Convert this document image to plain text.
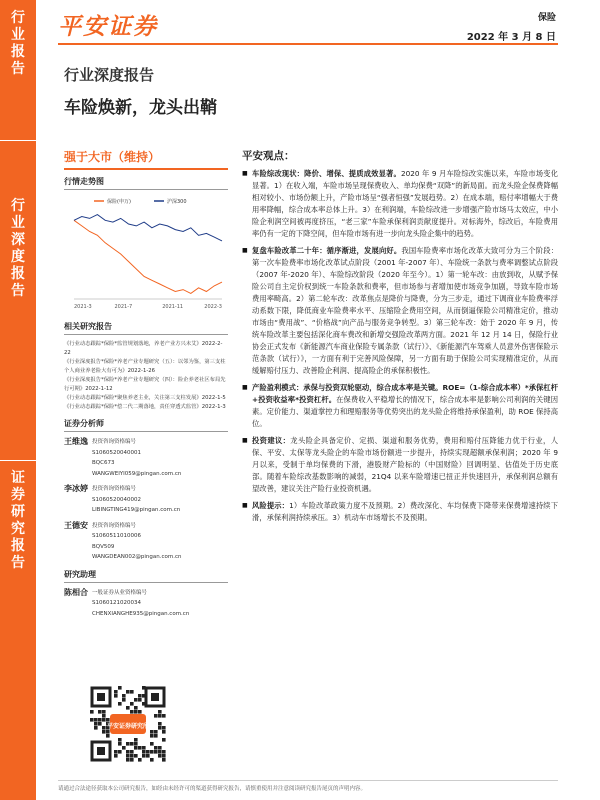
行业报告
行业深度报告
证券研究报告
平安证券	保险
2022 年 3 月 8 日
行业深度报告
车险焕新，龙头出鞘
强于大市（维持）
行情走势图
保险(申万)	沪深300
2021-3	2021-7	2021-11	2022-3
相关研究报告
《行业动态跟踪*保险*监管规划落地，养老产业方兴未艾》2022-2-22
《行业深度报告*保险*养老产业专题研究（五）：以邻为鉴，第三支柱个人商业养老险大有可为》2022-1-26
《行业深度报告*保险*养老产业专题研究（四）：险企养老社区布局先行可期》2022-1-12
《行业动态跟踪*保险*聚焦养老主业，关注第三支柱发展》2022-1-5
《行业动态跟踪*保险*偿二代二期落地，责任穿透式监管》2022-1-3
证券分析师
王维逸 投资咨询资格编号
S1060520040001
BQC673
WANGWEIYI059@pingan.com.cn
李冰婷 投资咨询资格编号
S1060520040002
LIBINGTING419@pingan.com.cn
王德安 投资咨询资格编号
S1060511010006
BQV509
WANGDEAN002@pingan.com.cn
研究助理
陈相合 一般证券从业资格编号
S1060121020034
CHENXIANGHE935@pingan.com.cn
平安证券研究所
平安观点：
■ 车险综改现状：降价、增保、提质成效显著。2020 年 9 月车险综改实施以来，车险市场变化显著。1）在收入端，车险市场呈现保费收入、单均保费“双降”的新局面。而龙头险企保费降幅相对较小、市场份额上升，产险市场呈“强者恒强”发展趋势。2）在成本端，赔付率增幅大于费用率降幅，综合成本率总体上升。3）在利润端，车险综改进一步增强产险市场马太效应，中小险企利润空间被再度挤压，“老三家”车险承保利润贡献度提升。对标海外，综改后，车险费用率仍有一定的下降空间，但车险市场有进一步向龙头险企集中的趋势。
■ 复盘车险改革二十年：循序渐进，发展向好。我国车险费率市场化改革大致可分为三个阶段：第一次车险费率市场化改革试点阶段（2001 年-2007 年）、车险统一条款与费率调整试点阶段（2007 年-2020 年）、车险综改阶段（2020 年至今）。1）第一轮车改：由放到收，从赋予保险公司自主定价权到统一车险条款和费率，但市场参与者增加使市场竞争加剧，导致车险市场费用率畸高。2）第二轮车改：改革焦点是降价与降费，分为三步走，通过下调商业车险费率浮动系数下限，降低商业车险费率水平、压缩险企费用空间，从而倒逼保险公司精准定价，推动市场由“费用战”、“价格战”向产品与服务竞争转型。3）第三轮车改：始于 2020 年 9 月，传统车险改革主要包括深化商车费改和新增交强险改革两方面。2021 年 12 月 14 日，保险行业协会正式发布《新能源汽车商业保险专属条款（试行）》、《新能源汽车驾乘人员意外伤害保险示范条款（试行）》，一方面有利于完善风险保障，另一方面有助于保险公司实现精准定价，从而缓解赔付压力、改善险企利润、提高险企的承保积极性。
■ 产险盈利模式：承保与投资双轮驱动，综合成本率是关键。ROE=（1-综合成本率）*承保杠杆+投资收益率*投资杠杆。在保费收入平稳增长的情况下，综合成本率是影响公司利润的关键因素。定价能力、渠道掌控力和理赔服务等优势突出的龙头险企将维持承保盈利，助 ROE 保持高位。
■ 投资建议：龙头险企具备定价、定损、渠道和服务优势，费用和赔付压降能力优于行业，人保、平安、太保等龙头险企的车险市场份额进一步提升，持续实现超额承保利润；2020 年 9 月以来，受制于单均保费的下滑，港股财产险标的（中国财险）回调明显、估值处于历史底部。随着车险综改基数影响的减弱，21Q4 以来车险增速已扭正并快速回升，承保利润总额有望改善，建议关注产险行业投资机遇。
■ 风险提示：1）车险改革政策力度不及预期。2）费改深化、车均保费下降带来保费增速持续下滑，承保利润持续承压。3）机动车市场增长不及预期。
请通过合法途径获取本公司研究报告，如经由未经许可的渠道获得研究报告，请慎重使用并注意阅读研究报告尾页的声明内容。
